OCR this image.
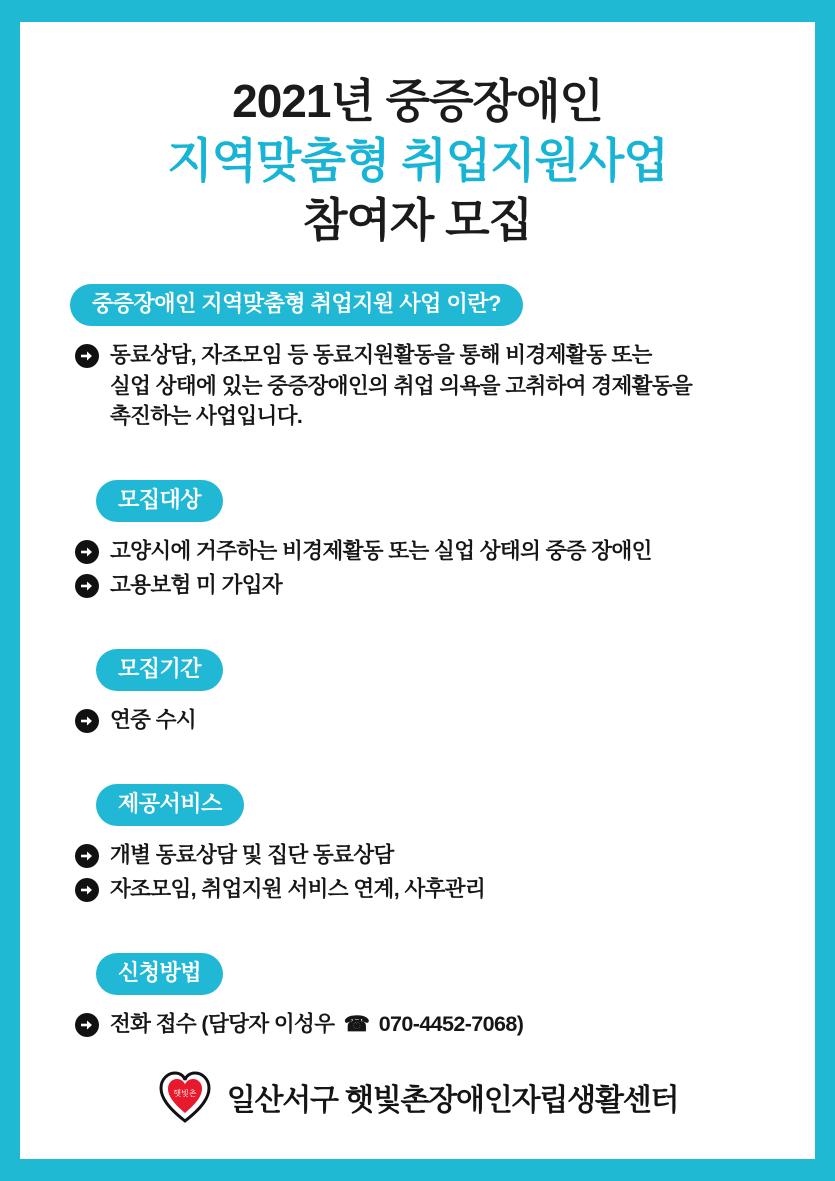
2021년 중증장애인
지역맞춤형 취업지원사업
참여자 모집
중증장애인 지역맞춤형 취업지원 사업 이란?
동료상담, 자조모임 등 동료지원활동을 통해 비경제활동 또는
실업 상태에 있는 중증장애인의 취업 의욕을 고취하여 경제활동을
촉진하는 사업입니다.
모집대상
고양시에 거주하는 비경제활동 또는 실업 상태의 중증 장애인
고용보험 미 가입자
모집기간
연중 수시
제공서비스
개별 동료상담 및 집단 동료상담
자조모임, 취업지원 서비스 연계, 사후관리
신청방법
전화 접수 (담당자 이성우 ☎ 070-4452-7068)
햇빛촌 일산서구 햇빛촌장애인자립생활센터
